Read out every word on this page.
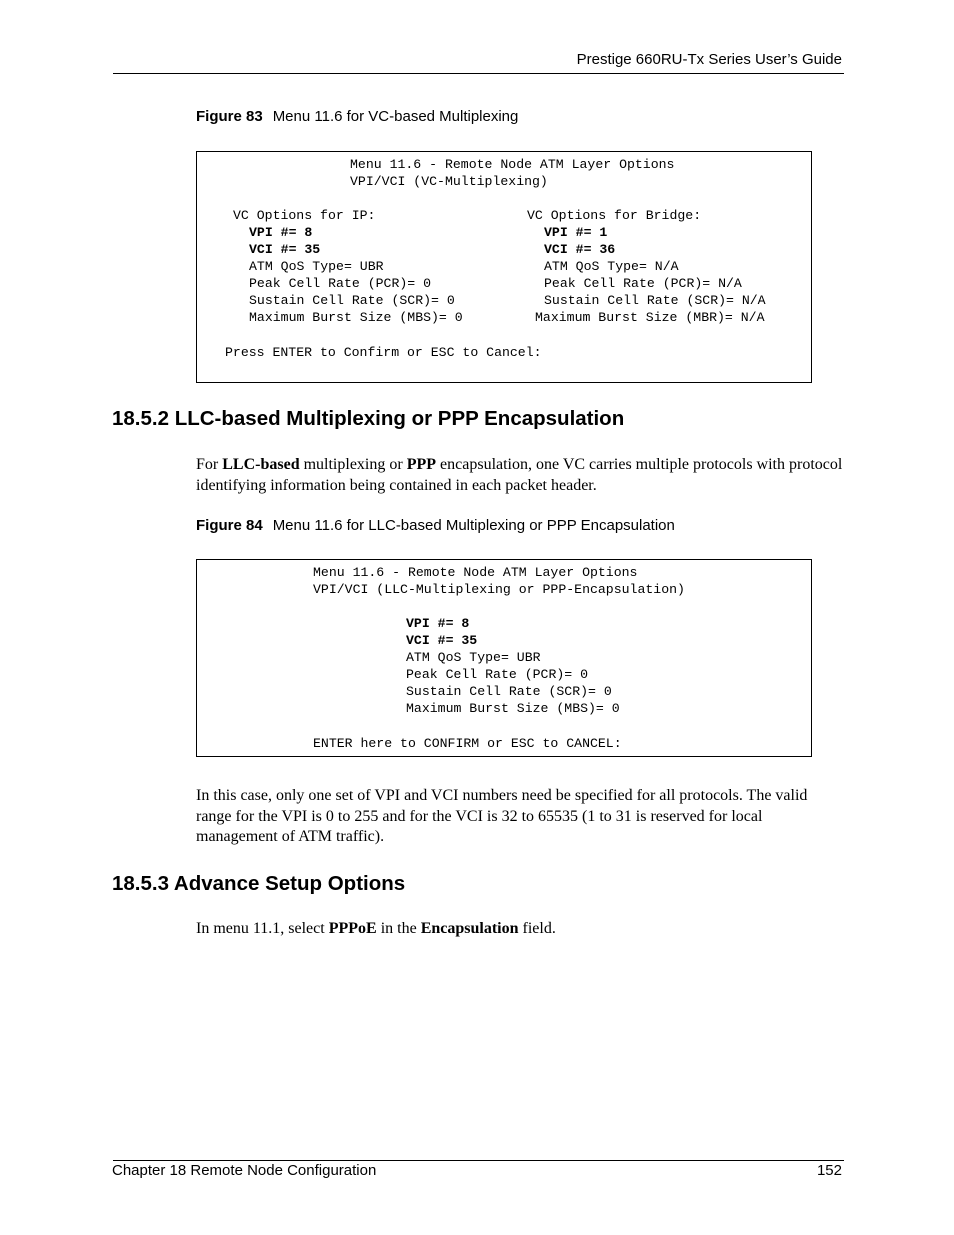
Prestige 660RU-Tx Series User’s Guide
Figure 83 Menu 11.6 for VC-based Multiplexing
Menu 11.6 - Remote Node ATM Layer Options
VPI/VCI (VC-Multiplexing)
VC Options for IP:
VPI #= 8
VCI #= 35
ATM QoS Type= UBR
Peak Cell Rate (PCR)= 0
Sustain Cell Rate (SCR)= 0
Maximum Burst Size (MBS)= 0
VC Options for Bridge:
VPI #= 1
VCI #= 36
ATM QoS Type= N/A
Peak Cell Rate (PCR)= N/A
Sustain Cell Rate (SCR)= N/A
Maximum Burst Size (MBR)= N/A
Press ENTER to Confirm or ESC to Cancel:
18.5.2 LLC-based Multiplexing or PPP Encapsulation
For LLC-based multiplexing or PPP encapsulation, one VC carries multiple protocols with protocol identifying information being contained in each packet header.
Figure 84 Menu 11.6 for LLC-based Multiplexing or PPP Encapsulation
Menu 11.6 - Remote Node ATM Layer Options
VPI/VCI (LLC-Multiplexing or PPP-Encapsulation)
VPI #= 8
VCI #= 35
ATM QoS Type= UBR
Peak Cell Rate (PCR)= 0
Sustain Cell Rate (SCR)= 0
Maximum Burst Size (MBS)= 0
ENTER here to CONFIRM or ESC to CANCEL:
In this case, only one set of VPI and VCI numbers need be specified for all protocols. The valid range for the VPI is 0 to 255 and for the VCI is 32 to 65535 (1 to 31 is reserved for local management of ATM traffic).
18.5.3 Advance Setup Options
In menu 11.1, select PPPoE in the Encapsulation field.
Chapter 18 Remote Node Configuration	152
